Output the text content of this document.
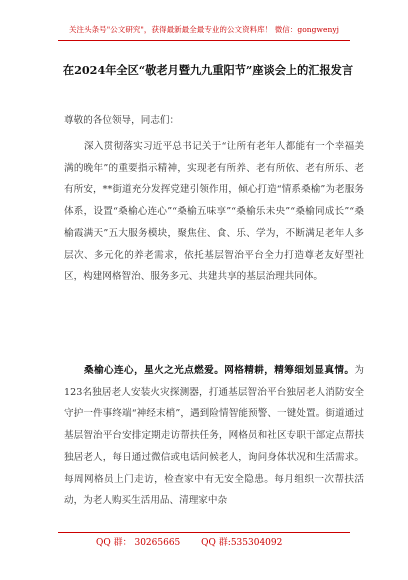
关注头条号"公文研究"，获得最新最全最专业的公文资料库！ 微信：gongwenyj
在2024年全区“敬老月暨九九重阳节”座谈会上的汇报发言
尊敬的各位领导，同志们：

深入贯彻落实习近平总书记关于“让所有老年人都能有一个幸福美满的晚年”的重要指示精神，实现老有所养、老有所依、老有所乐、老有所安，**街道充分发挥党建引领作用，倾心打造“情系桑榆”为老服务体系，设置“桑榆心连心”“桑榆五味享”“桑榆乐未央”“桑榆同成长”“桑榆霞满天”五大服务模块，聚焦住、食、乐、学为，不断满足老年人多层次、多元化的养老需求，依托基层智治平台全力打造尊老友好型社区，构建网格智治、服务多元、共建共享的基层治理共同体。

桑榆心连心，星火之光点燃爱。网格精耕，精筹细划显真情。为123名独居老人安装火灾探测器，打通基层智治平台独居老人消防安全守护一件事终端“神经末梢”，遇到险情智能预警、一键处置。街道通过基层智治平台安排定期走访帮扶任务，网格员和社区专职干部定点帮扶独居老人，每日通过微信或电话问候老人，询问身体状况和生活需求。每周网格员上门走访，检查家中有无安全隐患。每月组织一次帮扶活动，为老人购买生活用品、清理家中杂

QQ 群： 30265665 QQ 群:535304092
